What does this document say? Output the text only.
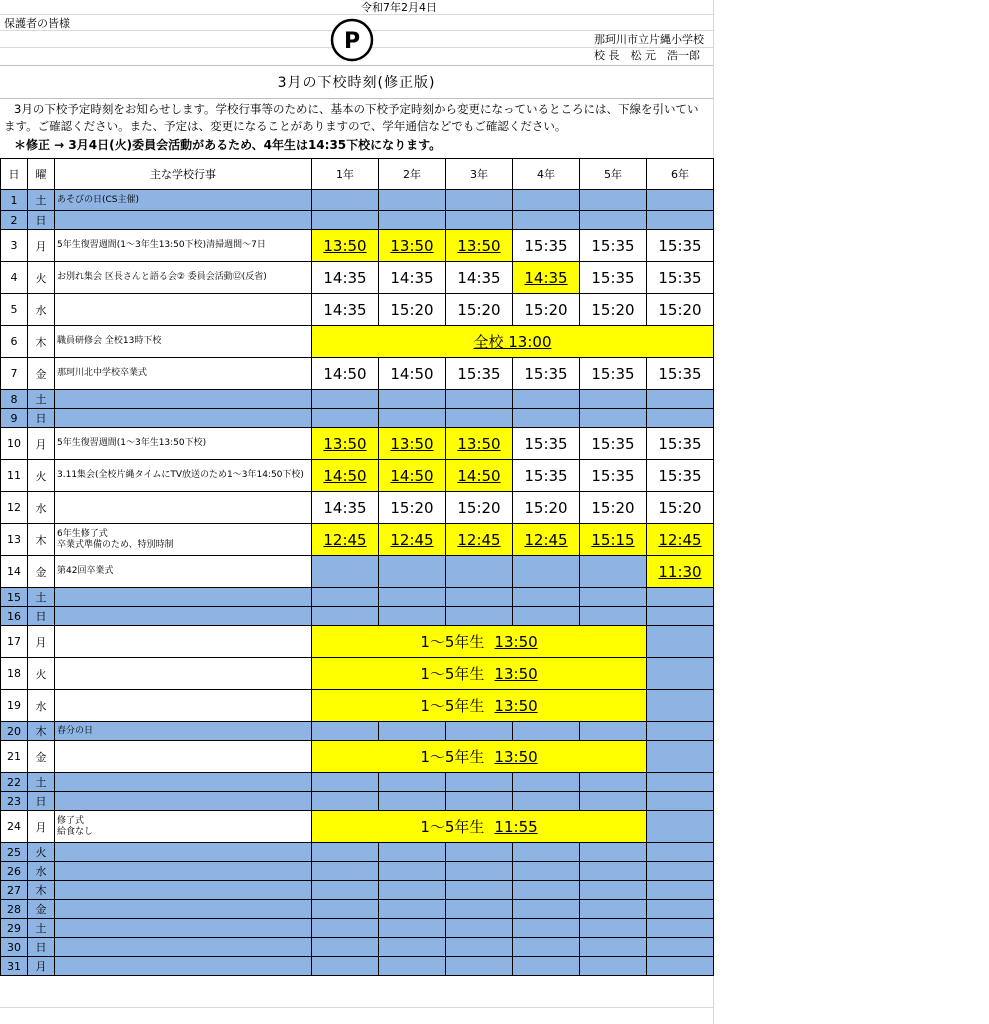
令和7年2月4日
保護者の皆様
P	那珂川市立片縄小学校
校 長　松 元　浩一郎
3月の下校時刻(修正版)
3月の下校予定時刻をお知らせします。学校行事等のために、基本の下校予定時刻から変更になっているところには、下線を引いてい
ます。ご確認ください。また、予定は、変更になることがありますので、学年通信などでもご確認ください。
＊修正 → 3月4日(火)委員会活動があるため、4年生は14:35下校になります。
日	曜	主な学校行事	1年	2年	3年	4年	5年	6年
1	土	あそびの日(CS主催)						
2	日							
3	月	5年生復習週間(1～3年生13:50下校)清掃週間～7日	13:50	13:50	13:50	15:35	15:35	15:35
4	火	お別れ集会 区長さんと語る会② 委員会活動⑫(反省)	14:35	14:35	14:35	14:35	15:35	15:35
5	水		14:35	15:20	15:20	15:20	15:20	15:20
6	木	職員研修会 全校13時下校	全校 13:00					
7	金	那珂川北中学校卒業式	14:50	14:50	15:35	15:35	15:35	15:35
8	土							
9	日							
10	月	5年生復習週間(1～3年生13:50下校)	13:50	13:50	13:50	15:35	15:35	15:35
11	火	3.11集会(全校片縄タイムにTV放送のため1～3年14:50下校)	14:50	14:50	14:50	15:35	15:35	15:35
12	水		14:35	15:20	15:20	15:20	15:20	15:20
13	木	6年生修了式
卒業式準備のため、特別時制	12:45	12:45	12:45	12:45	15:15	12:45
14	金	第42回卒業式						11:30
15	土							
16	日							
17	月		1～5年生 13:50					
18	火		1～5年生 13:50					
19	水		1～5年生 13:50					
20	木	春分の日						
21	金		1～5年生 13:50					
22	土							
23	日							
24	月	修了式
給食なし	1～5年生 11:55					
25	火							
26	水							
27	木							
28	金							
29	土							
30	日							
31	月							
